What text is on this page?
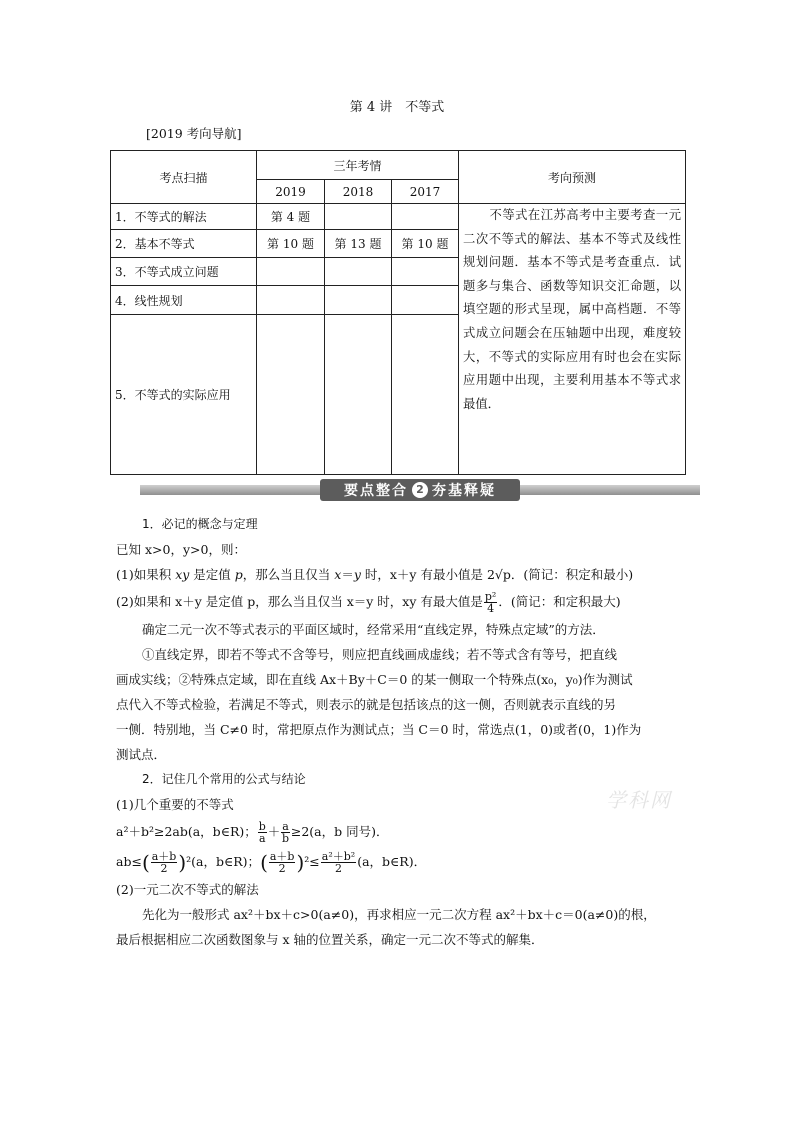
第 4 讲　不等式
[2019 考向导航]
考点扫描	三年考情			考向预测
	2019	2018	2017	
1．不等式的解法	第 4 题			不等式在江苏高考中主要考查一元二次不等式的解法、基本不等式及线性规划问题．基本不等式是考查重点．试题多与集合、函数等知识交汇命题，以填空题的形式呈现，属中高档题．不等式成立问题会在压轴题中出现，难度较大，不等式的实际应用有时也会在实际应用题中出现，主要利用基本不等式求最值．
2．基本不等式	第 10 题	第 13 题	第 10 题	
3．不等式成立问题				
4．线性规划				
5．不等式的实际应用				
要点整合 2 夯基释疑
1．必记的概念与定理
已知 x>0，y>0，则：
(1)如果积 xy 是定值 p，那么当且仅当 x＝y 时，x＋y 有最小值是 2√p．(简记：积定和最小)
(2)如果和 x＋y 是定值 p，那么当且仅当 x＝y 时，xy 有最大值是 $\frac{\text{p²}}{4}$ ．(简记：和定积最大)
确定二元一次不等式表示的平面区域时，经常采用“直线定界，特殊点定域”的方法．
①直线定界，即若不等式不含等号，则应把直线画成虚线；若不等式含有等号，把直线
画成实线；②特殊点定域，即在直线 Ax＋By＋C＝0 的某一侧取一个特殊点(x₀，y₀)作为测试
点代入不等式检验，若满足不等式，则表示的就是包括该点的这一侧，否则就表示直线的另
一侧．特别地，当 C≠0 时，常把原点作为测试点；当 C＝0 时，常选点(1，0)或者(0，1)作为
测试点．
2．记住几个常用的公式与结论
(1)几个重要的不等式
a²＋b²≥2ab(a，b∈R)； $\frac{b}{a} + \frac{a}{b} \ge 2(a$，b 同号)．
$ab\le( \frac{a+b}{2} )^2(a$，b∈R)；( $\frac{a+b}{2} )^2\le \frac{\text{a²＋b²}}{2} (a$，b∈R)．
(2)一元二次不等式的解法
先化为一般形式 ax²＋bx＋c>0(a≠0)，再求相应一元二次方程 ax²＋bx＋c＝0(a≠0)的根，
最后根据相应二次函数图象与 x 轴的位置关系，确定一元二次不等式的解集．
学科网
